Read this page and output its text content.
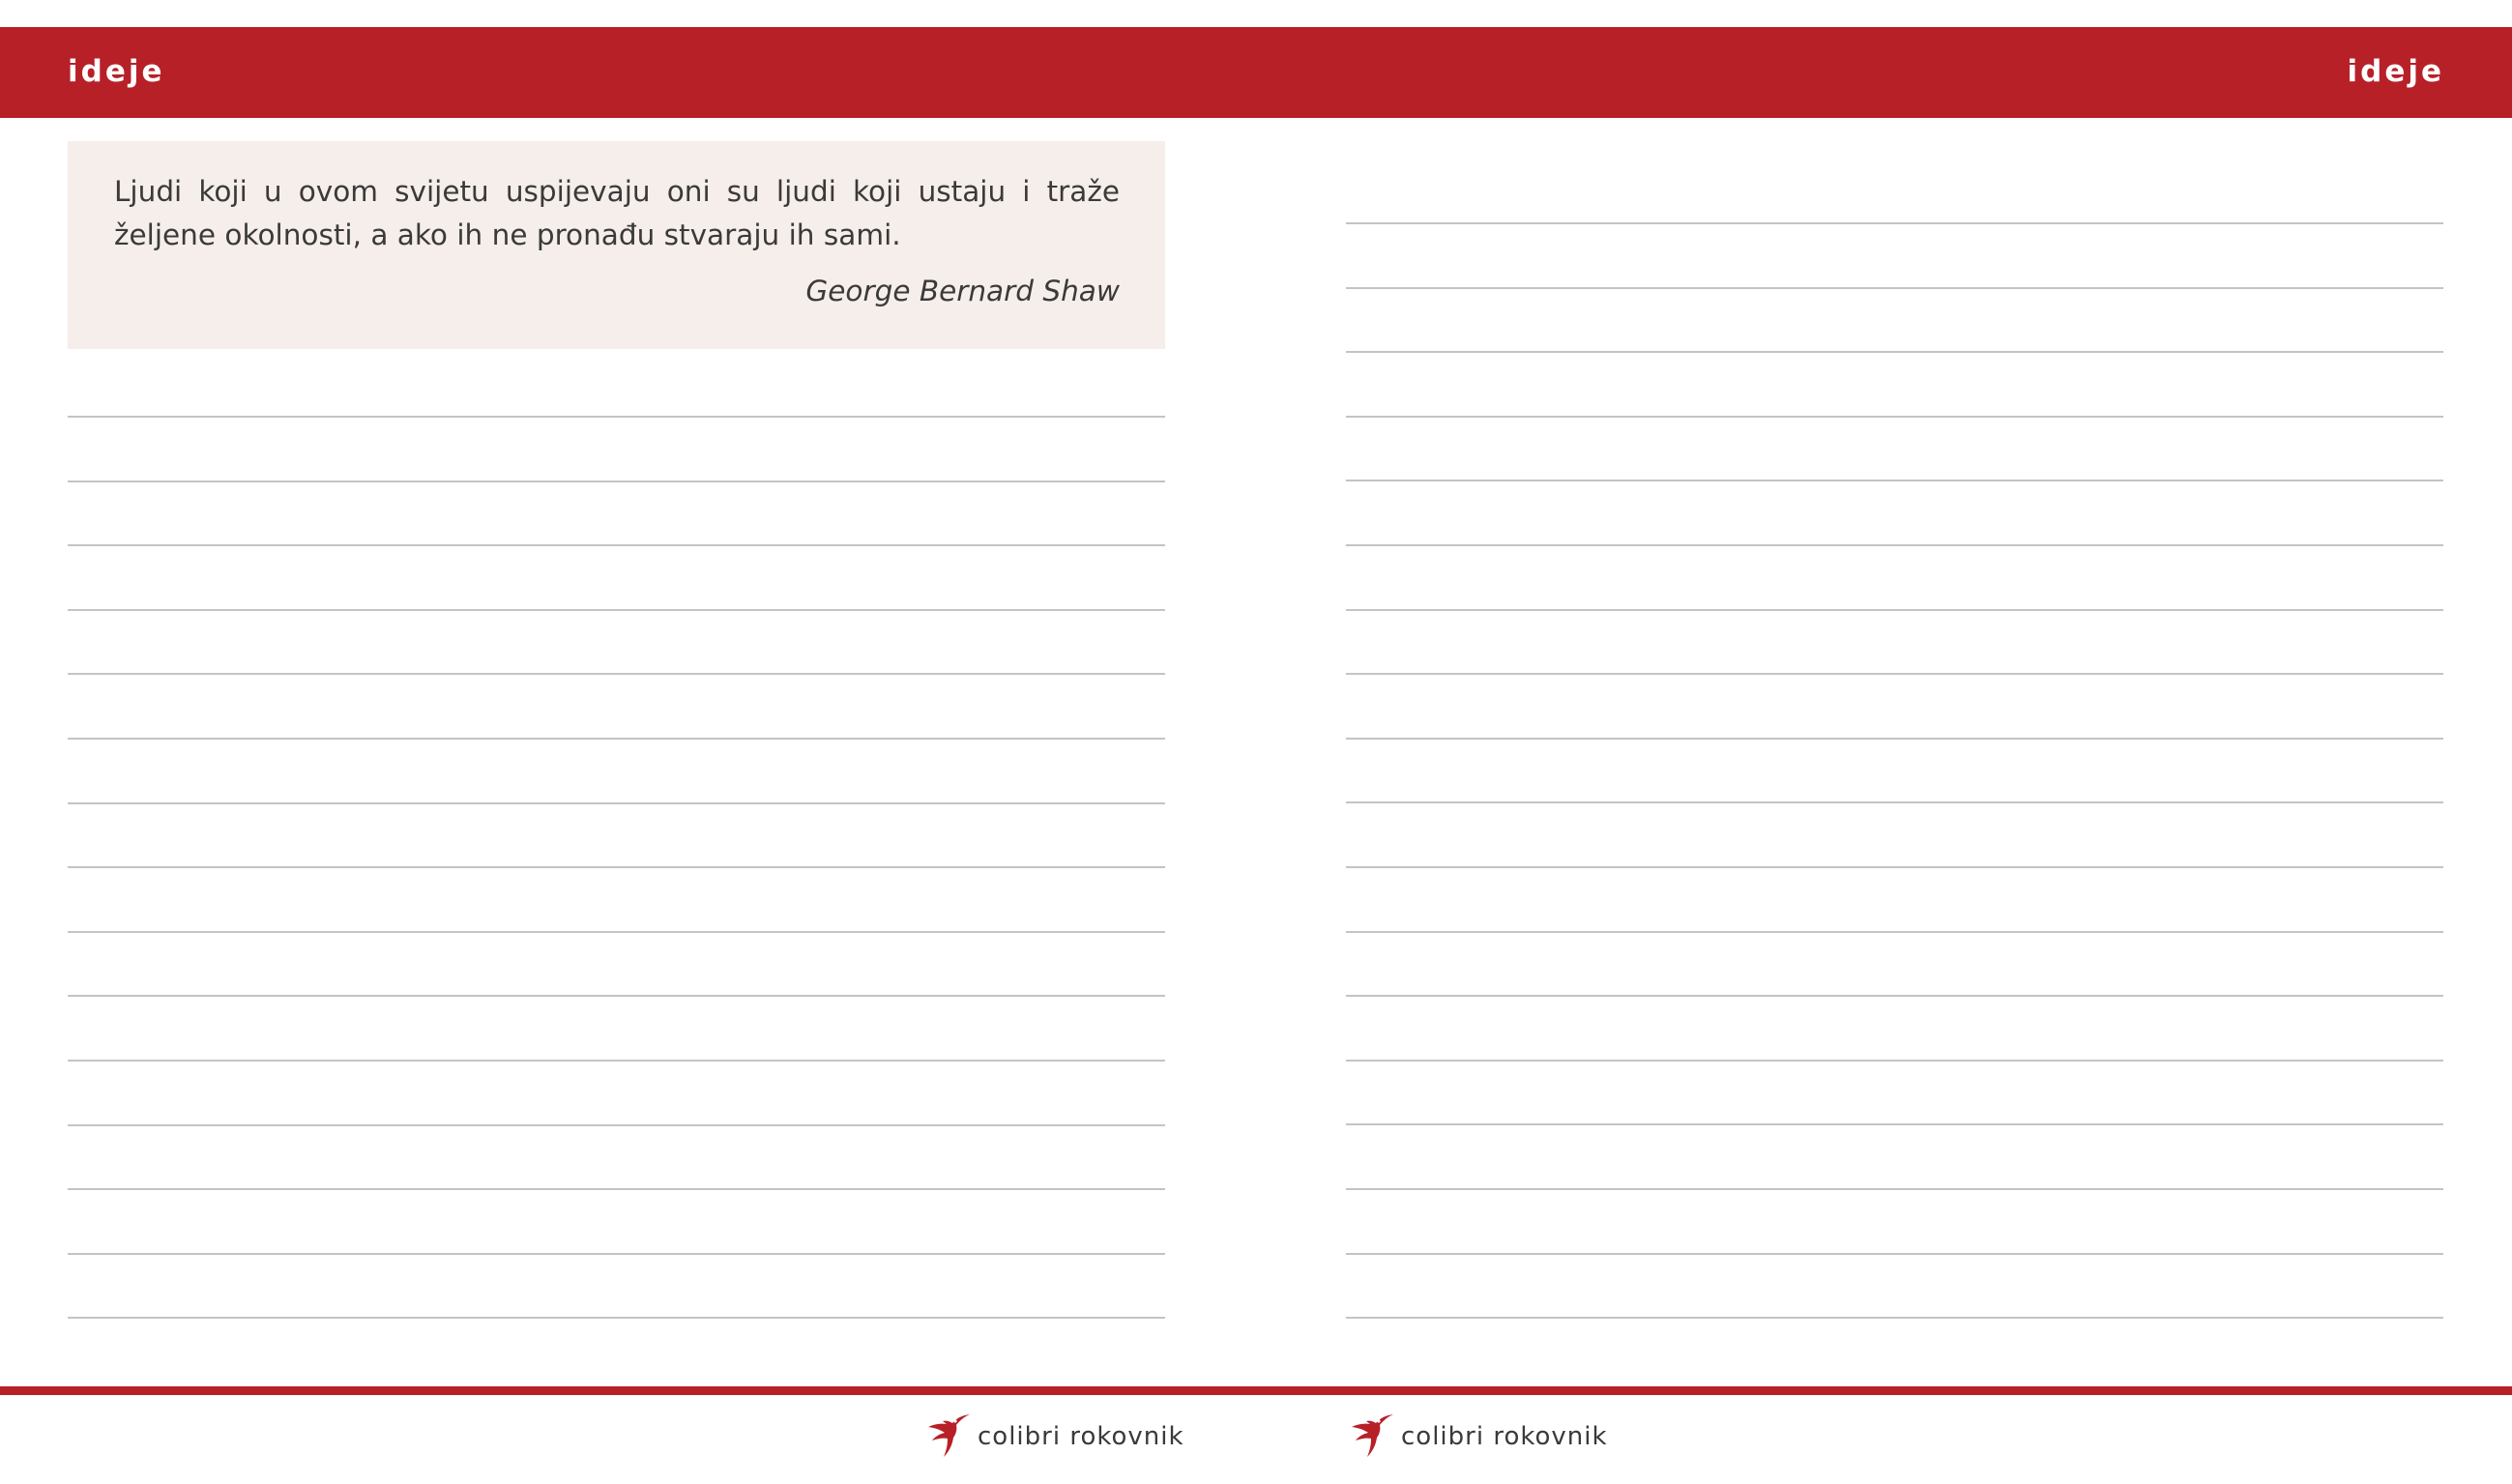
ideje	ideje

Ljudi koji u ovom svijetu uspijevaju oni su ljudi koji ustaju i traže željene okolnosti, a ako ih ne pronađu stvaraju ih sami.

George Bernard Shaw
colibri rokovnik	colibri rokovnik
